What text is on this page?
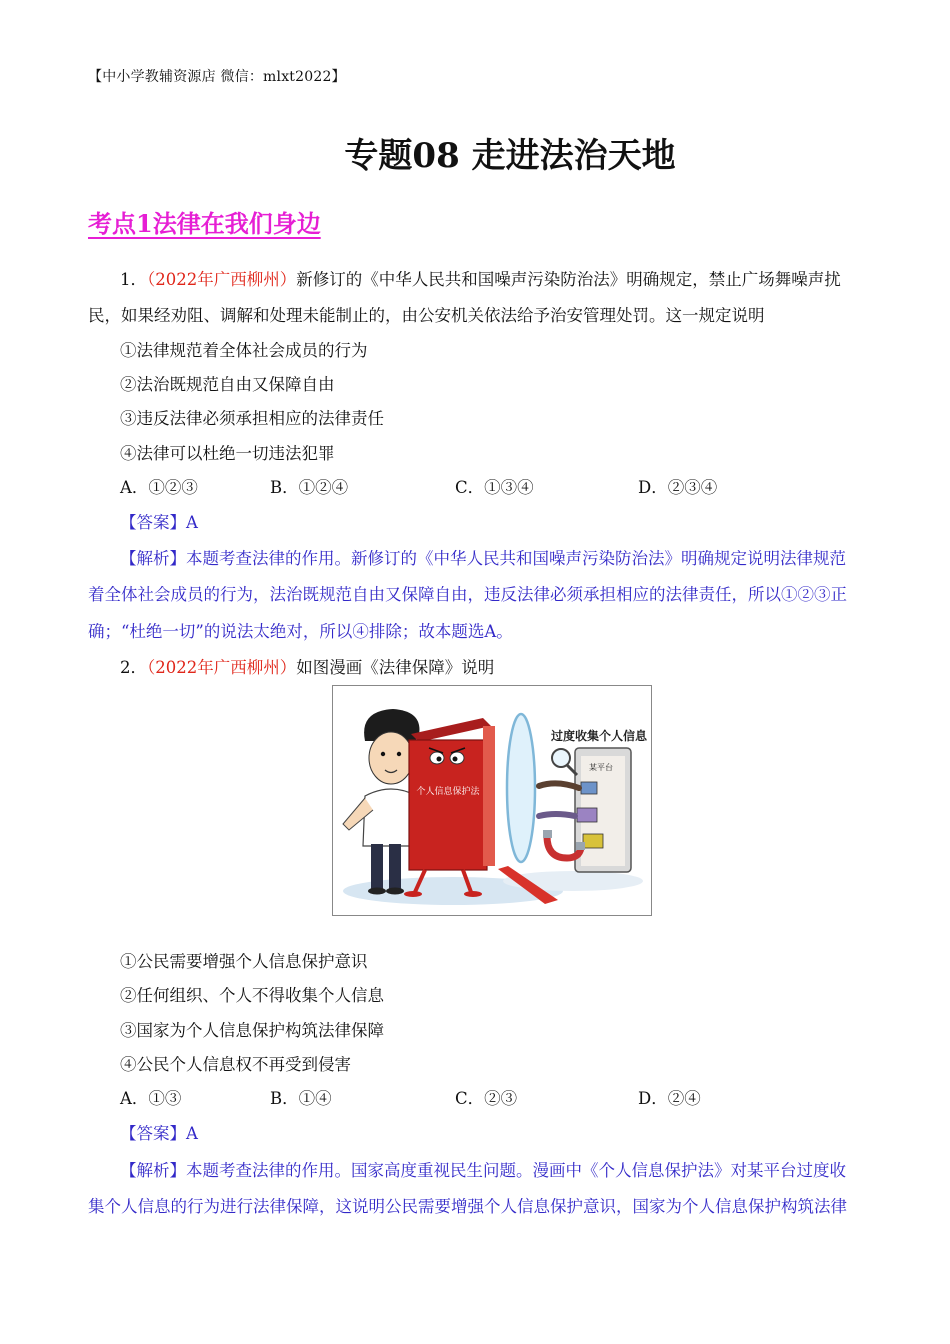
【中小学教辅资源店 微信：mlxt2022】
专题08 走进法治天地
考点1法律在我们身边
1．（2022年广西柳州）新修订的《中华人民共和国噪声污染防治法》明确规定，禁止广场舞噪声扰
民，如果经劝阻、调解和处理未能制止的，由公安机关依法给予治安管理处罚。这一规定说明
①法律规范着全体社会成员的行为
②法治既规范自由又保障自由
③违反法律必须承担相应的法律责任
④法律可以杜绝一切违法犯罪
A．①②③	B．①②④	C．①③④	D．②③④
【答案】A
【解析】本题考查法律的作用。新修订的《中华人民共和国噪声污染防治法》明确规定说明法律规范
着全体社会成员的行为，法治既规范自由又保障自由，违反法律必须承担相应的法律责任，所以①②③正
确；“杜绝一切”的说法太绝对，所以④排除；故本题选A。
2．（2022年广西柳州）如图漫画《法律保障》说明
个人信息保护法
过度收集个人信息
某平台
①公民需要增强个人信息保护意识
②任何组织、个人不得收集个人信息
③国家为个人信息保护构筑法律保障
④公民个人信息权不再受到侵害
A．①③	B．①④	C．②③	D．②④
【答案】A
【解析】本题考查法律的作用。国家高度重视民生问题。漫画中《个人信息保护法》对某平台过度收
集个人信息的行为进行法律保障，这说明公民需要增强个人信息保护意识，国家为个人信息保护构筑法律
